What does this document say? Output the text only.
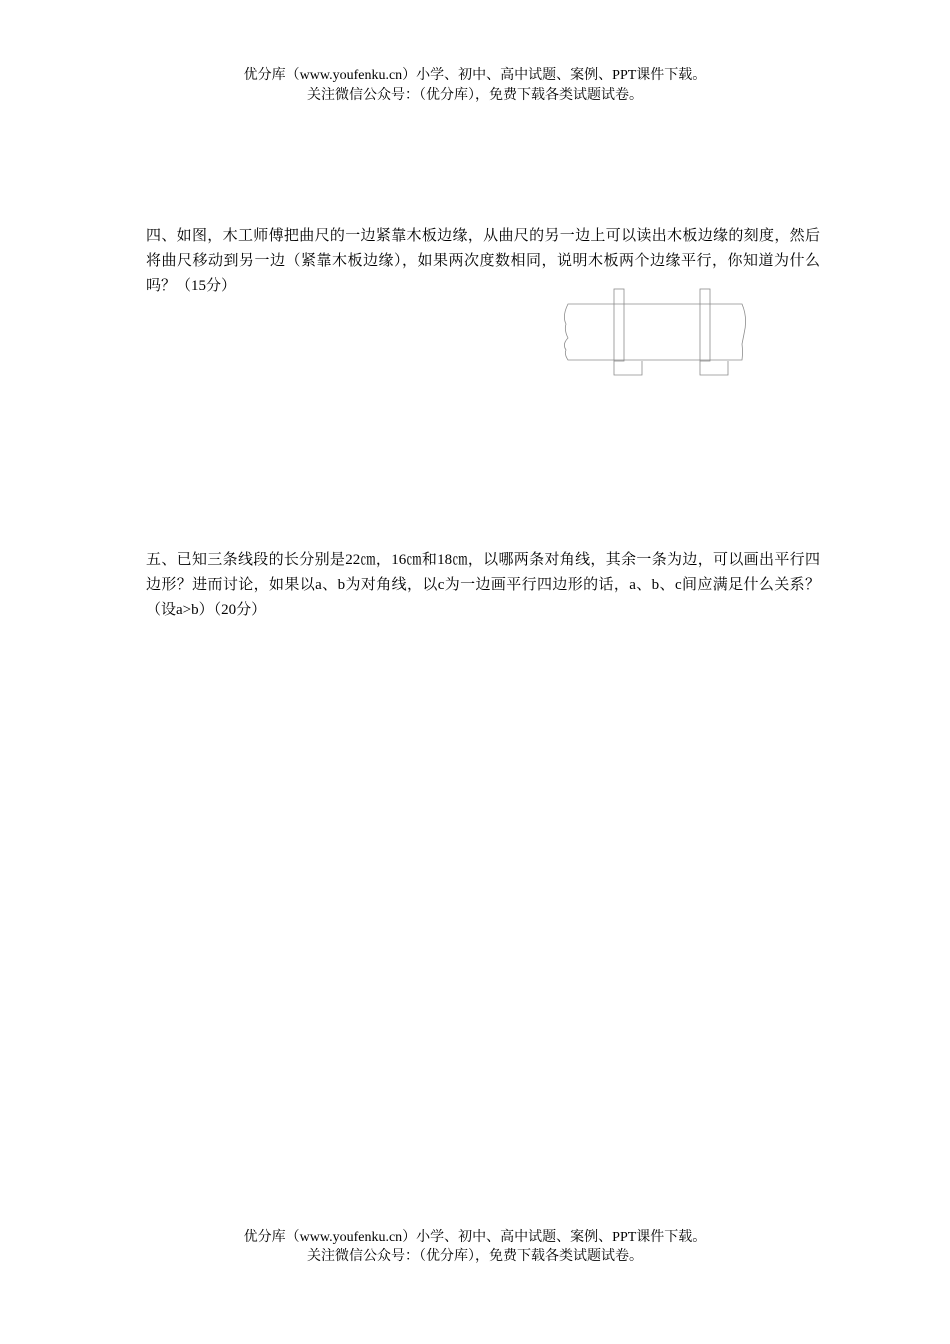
优分库（www.youfenku.cn）小学、初中、高中试题、案例、PPT课件下载。
关注微信公众号：（优分库），免费下载各类试题试卷。
四、如图，木工师傅把曲尺的一边紧靠木板边缘，从曲尺的另一边上可以读出木板边缘的刻度，然后将曲尺移动到另一边（紧靠木板边缘），如果两次度数相同，说明木板两个边缘平行，你知道为什么吗？（15分）
五、已知三条线段的长分别是22㎝，16㎝和18㎝，以哪两条对角线，其余一条为边，可以画出平行四边形？进而讨论，如果以a、b为对角线，以c为一边画平行四边形的话，a、b、c间应满足什么关系？（设a>b）（20分）
优分库（www.youfenku.cn）小学、初中、高中试题、案例、PPT课件下载。
关注微信公众号：（优分库），免费下载各类试题试卷。
